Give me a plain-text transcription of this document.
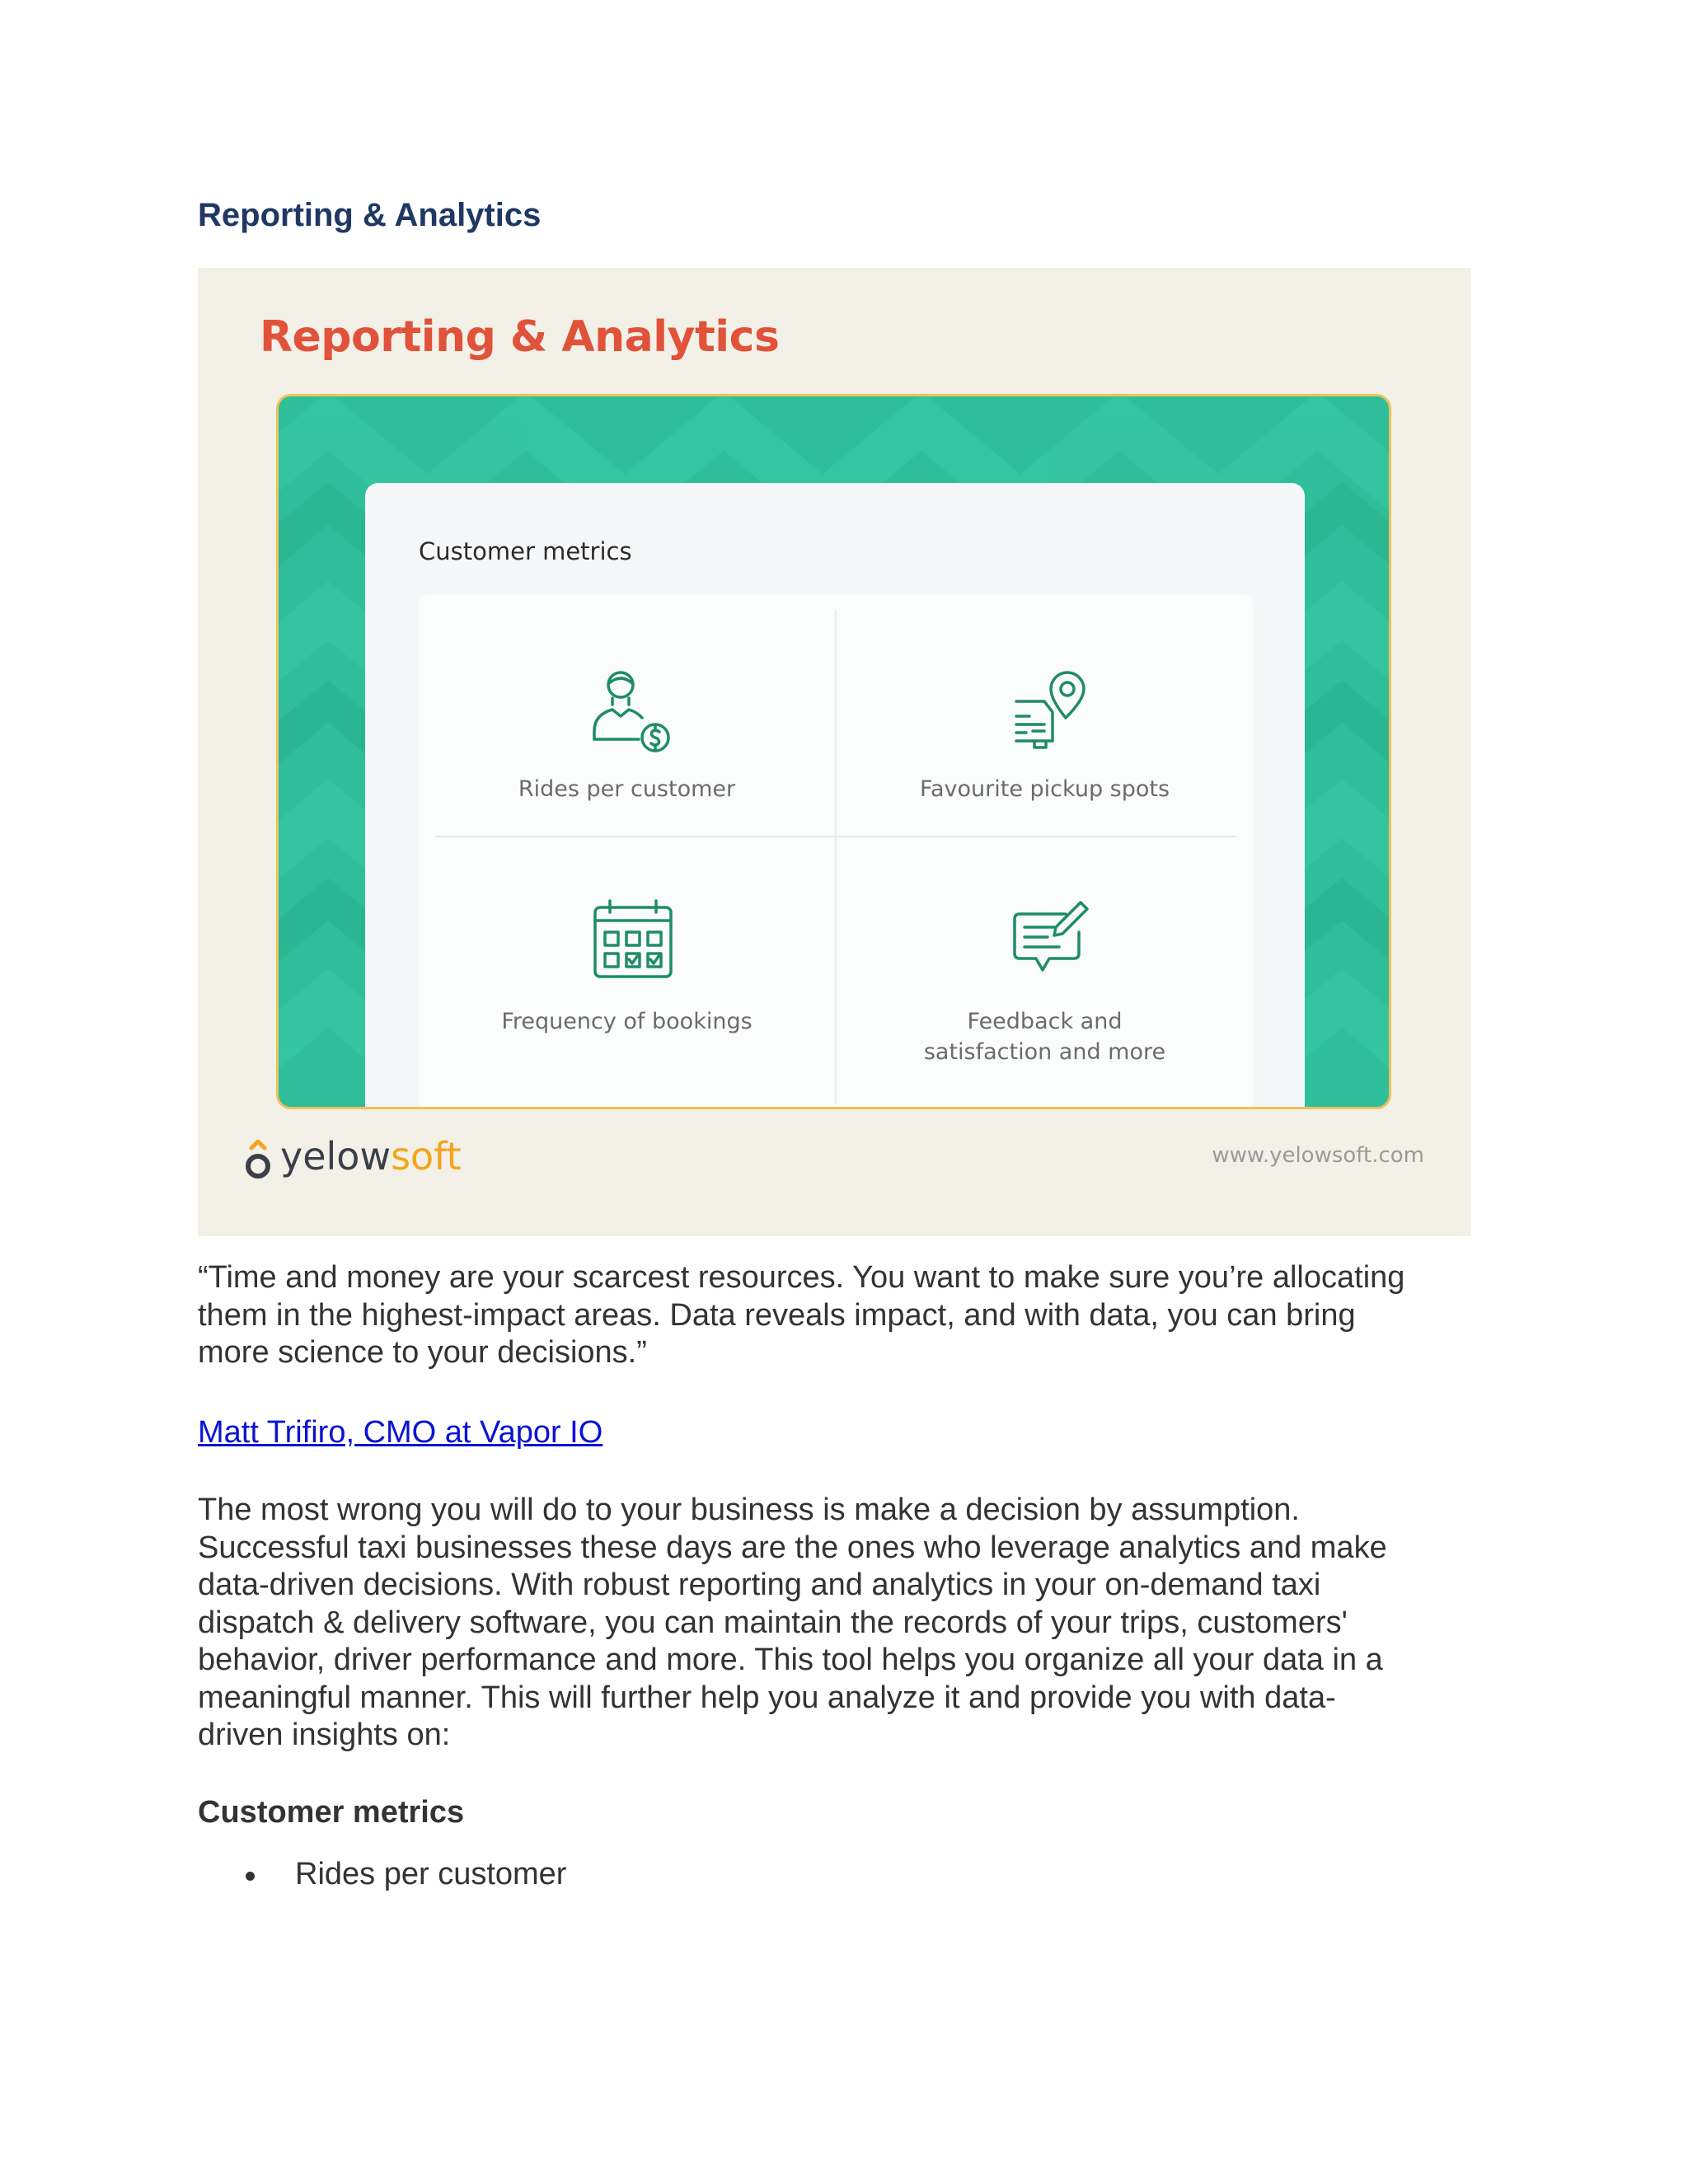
Reporting & Analytics
Reporting & Analytics
Customer metrics
Rides per customer	Favourite pickup spots
Frequency of bookings	Feedback and
satisfaction and more
yelowsoft	www.yelowsoft.com
“Time and money are your scarcest resources. You want to make sure you’re allocating
them in the highest-impact areas. Data reveals impact, and with data, you can bring
more science to your decisions.”
Matt Trifiro, CMO at Vapor IO
The most wrong you will do to your business is make a decision by assumption.
Successful taxi businesses these days are the ones who leverage analytics and make
data-driven decisions. With robust reporting and analytics in your on-demand taxi
dispatch & delivery software, you can maintain the records of your trips, customers'
behavior, driver performance and more. This tool helps you organize all your data in a
meaningful manner. This will further help you analyze it and provide you with data-
driven insights on:
Customer metrics
Rides per customer
